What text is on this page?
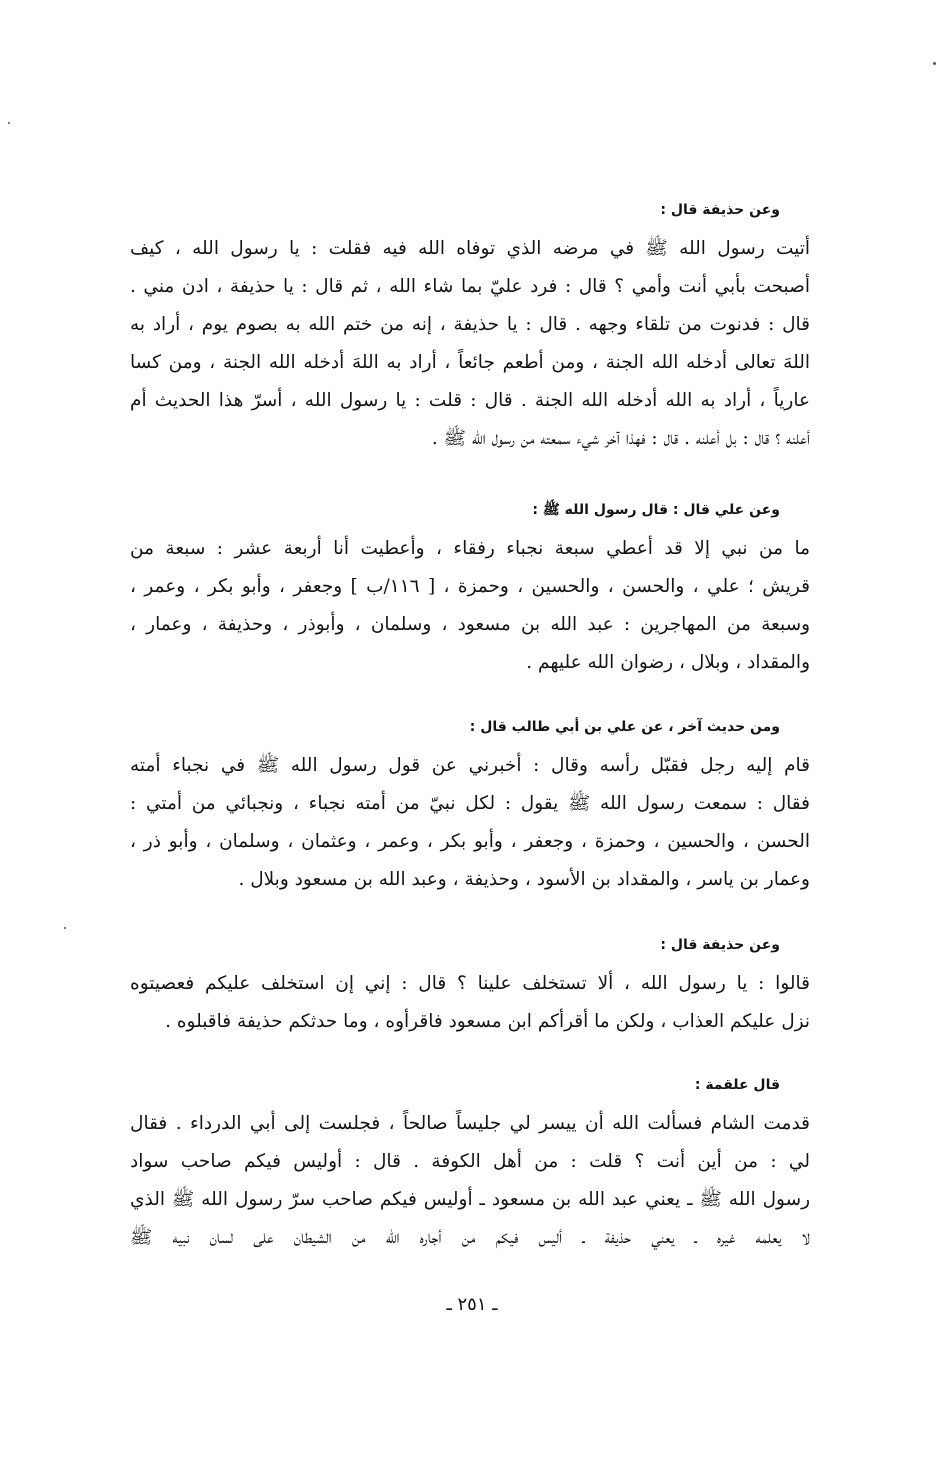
وعن حذيفة قال :
أتيت رسول الله ﷺ في مرضه الذي توفاه الله فيه فقلت : يا رسول الله ، كيف
أصبحت بأبي أنت وأمي ؟ قال : فرد عليّ بما شاء الله ، ثم قال : يا حذيفة ، ادن مني .
قال : فدنوت من تلقاء وجهه . قال : يا حذيفة ، إنه من ختم الله به بصوم يوم ، أراد به
اللهَ تعالى أدخله الله الجنة ، ومن أطعم جائعاً ، أراد به اللهَ أدخله الله الجنة ، ومن كسا
عارياً ، أراد به الله أدخله الله الجنة . قال : قلت : يا رسول الله ، أسرّ هذا الحديث أم
أعلنه ؟ قال : بل أعلنه . قال : فهذا آخر شيء سمعته من رسول الله ﷺ .
وعن علي قال : قال رسول الله ﷺ :
ما من نبي إلا قد أعطي سبعة نجباء رفقاء ، وأعطيت أنا أربعة عشر : سبعة من
قريش ؛ علي ، والحسن ، والحسين ، وحمزة ، [ ١١٦/ب ] وجعفر ، وأبو بكر ، وعمر ،
وسبعة من المهاجرين : عبد الله بن مسعود ، وسلمان ، وأبوذر ، وحذيفة ، وعمار ،
والمقداد ، وبلال ، رضوان الله عليهم .
ومن حديث آخر ، عن علي بن أبي طالب قال :
قام إليه رجل فقبّل رأسه وقال : أخبرني عن قول رسول الله ﷺ في نجباء أمته
فقال : سمعت رسول الله ﷺ يقول : لكل نبيّ من أمته نجباء ، ونجبائي من أمتي :
الحسن ، والحسين ، وحمزة ، وجعفر ، وأبو بكر ، وعمر ، وعثمان ، وسلمان ، وأبو ذر ،
وعمار بن ياسر ، والمقداد بن الأسود ، وحذيفة ، وعبد الله بن مسعود وبلال .
وعن حذيفة قال :
قالوا : يا رسول الله ، ألا تستخلف علينا ؟ قال : إني إن استخلف عليكم فعصيتوه
نزل عليكم العذاب ، ولكن ما أقرأكم ابن مسعود فاقرأوه ، وما حدثكم حذيفة فاقبلوه .
قال علقمة :
قدمت الشام فسألت الله أن ييسر لي جليساً صالحاً ، فجلست إلى أبي الدرداء . فقال
لي : من أين أنت ؟ قلت : من أهل الكوفة . قال : أوليس فيكم صاحب سواد
رسول الله ﷺ ـ يعني عبد الله بن مسعود ـ أوليس فيكم صاحب سرّ رسول الله ﷺ الذي
لا يعلمه غيره ـ يعني حذيفة ـ أليس فيكم من أجاره الله من الشيطان على لسان نبيه ﷺ
ـ ٢٥١ ـ
